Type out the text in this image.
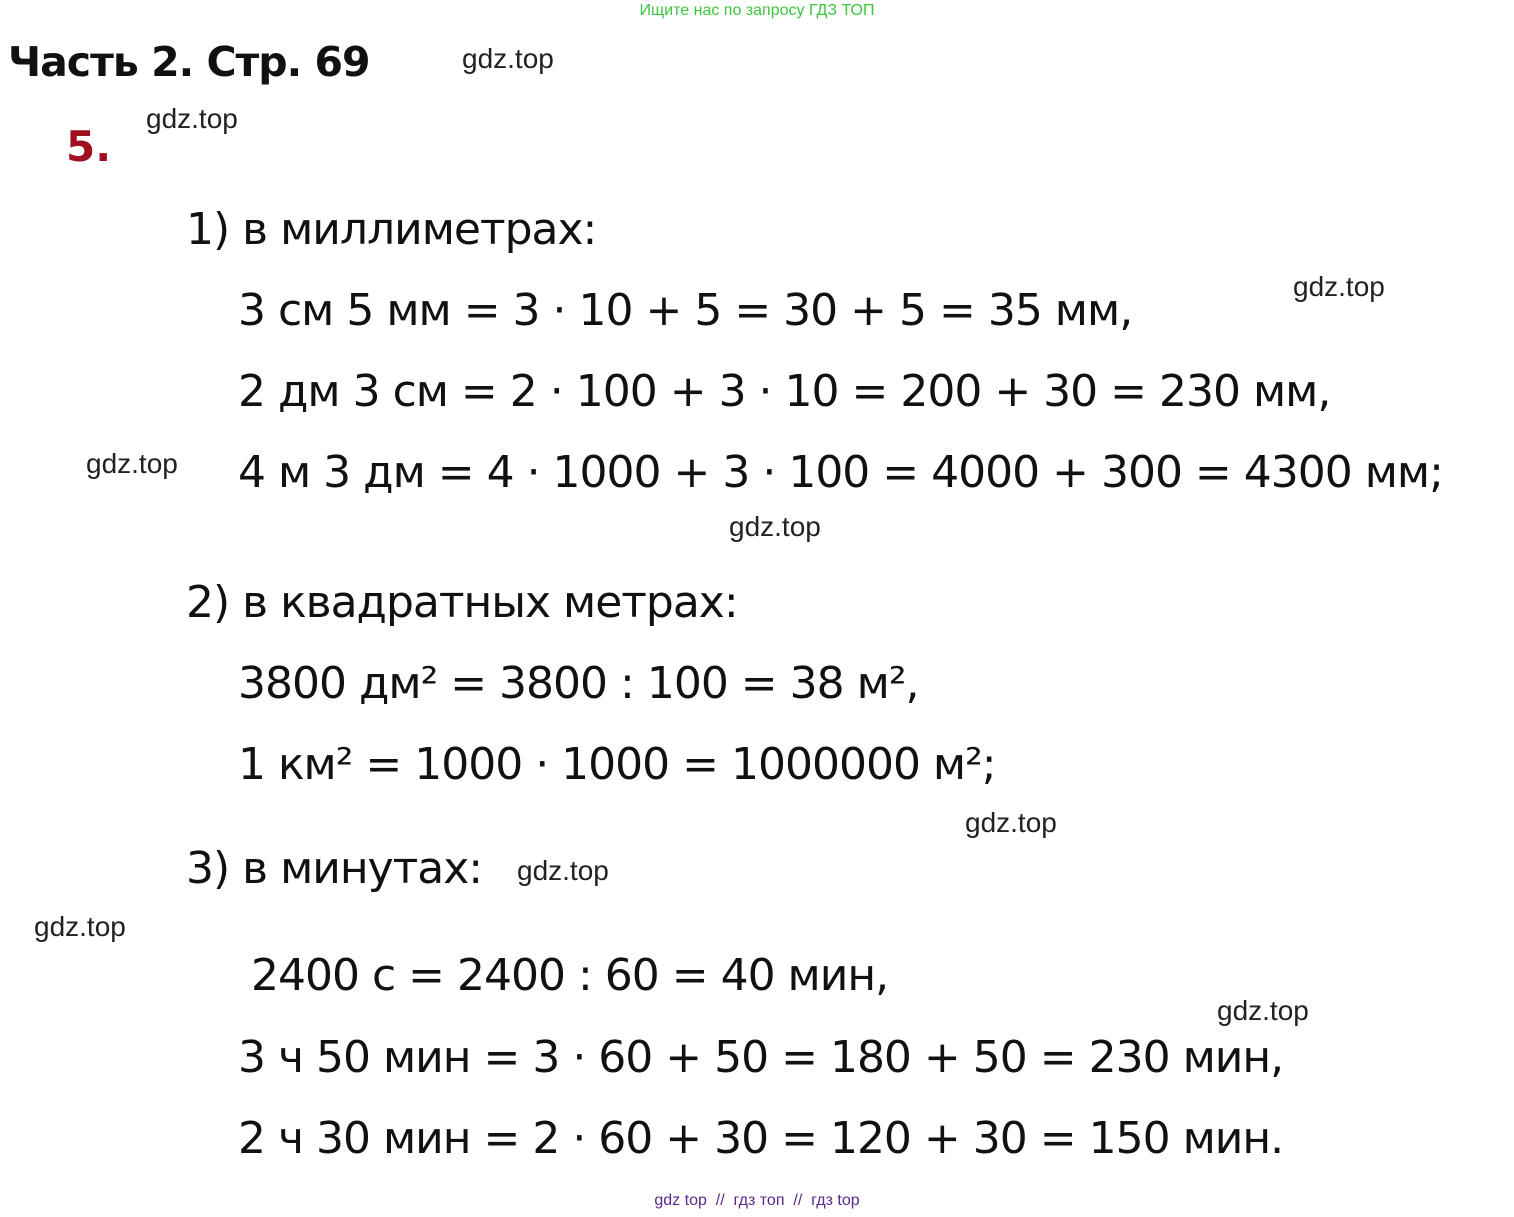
Ищите нас по запросу ГДЗ ТОП
Часть 2. Стр. 69
5.
gdz.top
gdz.top
gdz.top
gdz.top
gdz.top
gdz.top
gdz.top
gdz.top
gdz.top
1) в миллиметрах:
3 см 5 мм = 3 · 10 + 5 = 30 + 5 = 35 мм,
2 дм 3 см = 2 · 100 + 3 · 10 = 200 + 30 = 230 мм,
4 м 3 дм = 4 · 1000 + 3 · 100 = 4000 + 300 = 4300 мм;
2) в квадратных метрах:
3800 дм² = 3800 : 100 = 38 м²,
1 км² = 1000 · 1000 = 1000000 м²;
3) в минутах:
2400 с = 2400 : 60 = 40 мин,
3 ч 50 мин = 3 · 60 + 50 = 180 + 50 = 230 мин,
2 ч 30 мин = 2 · 60 + 30 = 120 + 30 = 150 мин.
gdz top  //  гдз топ  //  гдз top
